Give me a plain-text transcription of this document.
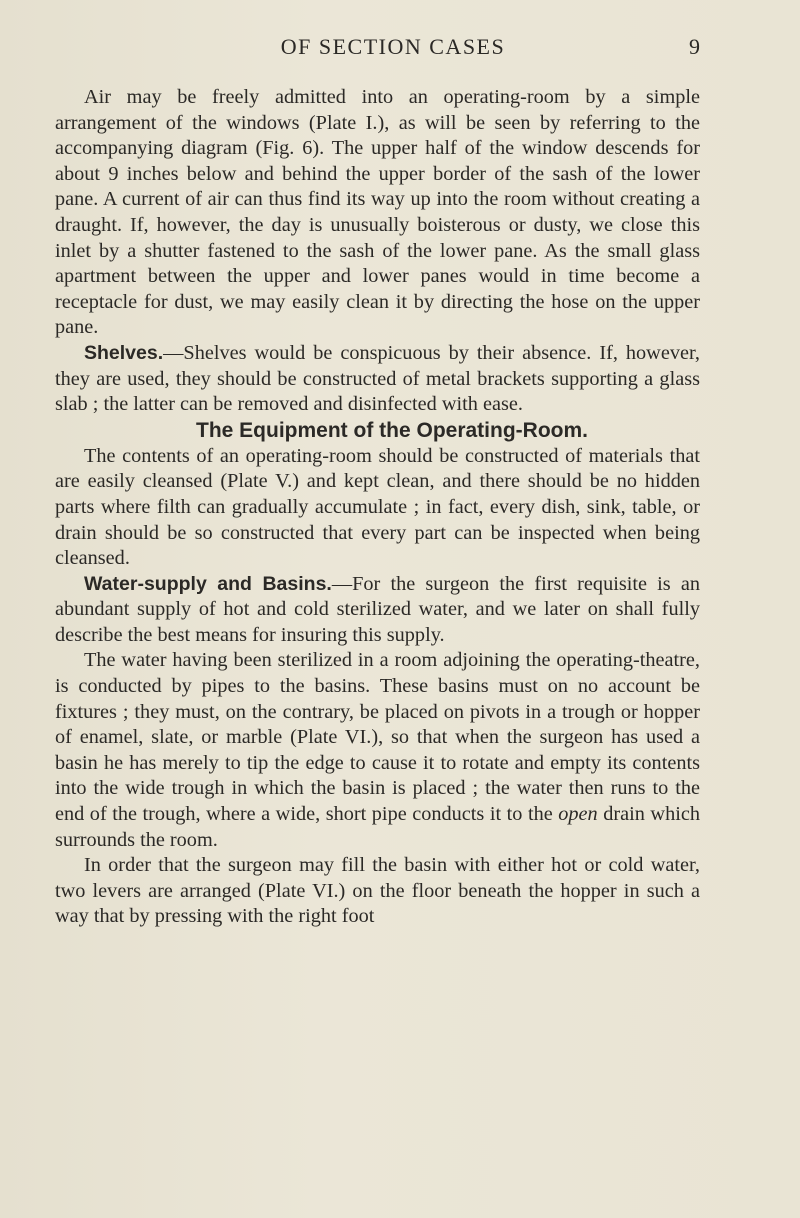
OF SECTION CASES	9

Air may be freely admitted into an operating-room by a simple arrangement of the windows (Plate I.), as will be seen by referring to the accompanying diagram (Fig. 6). The upper half of the window descends for about 9 inches below and behind the upper border of the sash of the lower pane. A current of air can thus find its way up into the room without creating a draught. If, however, the day is unusually boisterous or dusty, we close this inlet by a shutter fastened to the sash of the lower pane. As the small glass apartment between the upper and lower panes would in time become a receptacle for dust, we may easily clean it by directing the hose on the upper pane.

Shelves.—Shelves would be conspicuous by their absence. If, however, they are used, they should be constructed of metal brackets supporting a glass slab ; the latter can be removed and disinfected with ease.

The Equipment of the Operating-Room.

The contents of an operating-room should be constructed of materials that are easily cleansed (Plate V.) and kept clean, and there should be no hidden parts where filth can gradually accumulate ; in fact, every dish, sink, table, or drain should be so constructed that every part can be inspected when being cleansed.

Water-supply and Basins.—For the surgeon the first requisite is an abundant supply of hot and cold sterilized water, and we later on shall fully describe the best means for insuring this supply.

The water having been sterilized in a room adjoining the operating-theatre, is conducted by pipes to the basins. These basins must on no account be fixtures ; they must, on the contrary, be placed on pivots in a trough or hopper of enamel, slate, or marble (Plate VI.), so that when the surgeon has used a basin he has merely to tip the edge to cause it to rotate and empty its contents into the wide trough in which the basin is placed ; the water then runs to the end of the trough, where a wide, short pipe conducts it to the open drain which surrounds the room.

In order that the surgeon may fill the basin with either hot or cold water, two levers are arranged (Plate VI.) on the floor beneath the hopper in such a way that by pressing with the right foot
